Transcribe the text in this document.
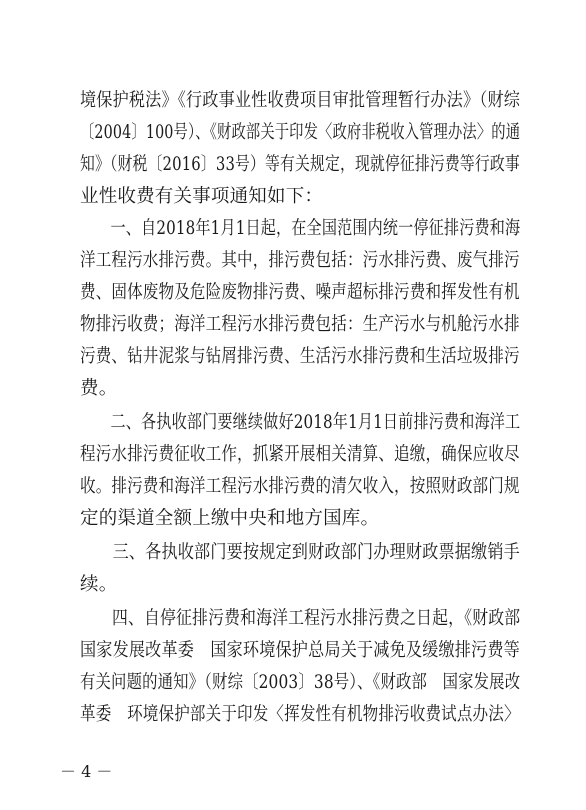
境保护税法》《行政事业性收费项目审批管理暂行办法》（财综
〔2004〕100号）、《财政部关于印发〈政府非税收入管理办法〉的通
知》（财税〔2016〕33号）等有关规定，现就停征排污费等行政事
业性收费有关事项通知如下：
　　一、自2018年1月1日起，在全国范围内统一停征排污费和海
洋工程污水排污费。其中，排污费包括：污水排污费、废气排污
费、固体废物及危险废物排污费、噪声超标排污费和挥发性有机
物排污收费；海洋工程污水排污费包括：生产污水与机舱污水排
污费、钻井泥浆与钻屑排污费、生活污水排污费和生活垃圾排污
费。
　　二、各执收部门要继续做好2018年1月1日前排污费和海洋工
程污水排污费征收工作，抓紧开展相关清算、追缴，确保应收尽
收。排污费和海洋工程污水排污费的清欠收入，按照财政部门规
定的渠道全额上缴中央和地方国库。
　　三、各执收部门要按规定到财政部门办理财政票据缴销手
续。
　　四、自停征排污费和海洋工程污水排污费之日起，《财政部
国家发展改革委　国家环境保护总局关于减免及缓缴排污费等
有关问题的通知》（财综〔2003〕38号）、《财政部　国家发展改
革委　环境保护部关于印发〈挥发性有机物排污收费试点办法〉
－ 4 －
